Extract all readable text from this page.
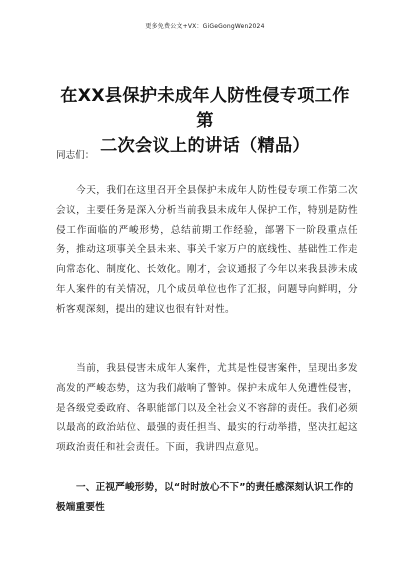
更多免费公文+VX：GiGeGongWen2024
在XX县保护未成年人防性侵专项工作第
二次会议上的讲话（精品）
同志们：
今天，我们在这里召开全县保护未成年人防性侵专项工作第二次会议，主要任务是深入分析当前我县未成年人保护工作，特别是防性侵工作面临的严峻形势，总结前期工作经验，部署下一阶段重点任务，推动这项事关全县未来、事关千家万户的底线性、基础性工作走向常态化、制度化、长效化。刚才，会议通报了今年以来我县涉未成年人案件的有关情况，几个成员单位也作了汇报，问题导向鲜明，分析客观深刻，提出的建议也很有针对性。
当前，我县侵害未成年人案件，尤其是性侵害案件，呈现出多发高发的严峻态势，这为我们敲响了警钟。保护未成年人免遭性侵害，是各级党委政府、各职能部门以及全社会义不容辞的责任。我们必须以最高的政治站位、最强的责任担当、最实的行动举措，坚决扛起这项政治责任和社会责任。下面，我讲四点意见。
一、正视严峻形势，以“时时放心不下”的责任感深刻认识工作的极端重要性
